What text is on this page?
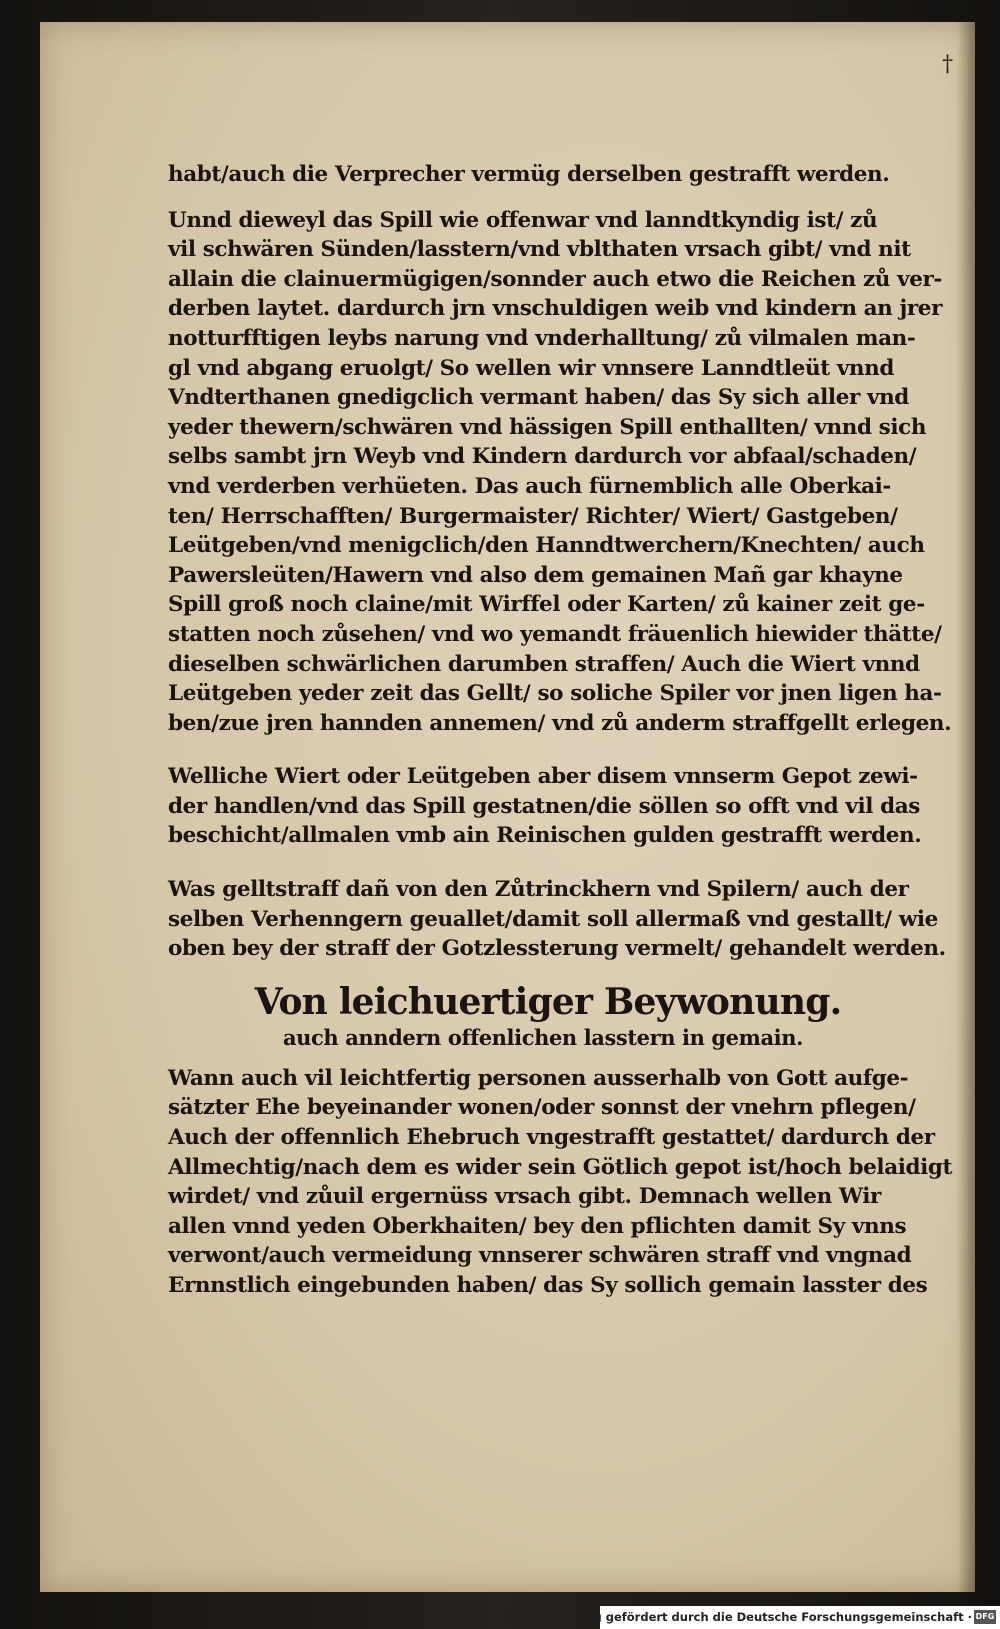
†
habt/auch die Verprecher vermüg derselben gestrafft werden.
Unnd dieweyl das Spill wie offenwar vnd lanndtkyndig ist/ zů
vil schwären Sünden/lasstern/vnd vblthaten vrsach gibt/ vnd nit
allain die clainuermügigen/sonnder auch etwo die Reichen zů ver-
derben laytet. dardurch jrn vnschuldigen weib vnd kindern an jrer
notturfftigen leybs narung vnd vnderhalltung/ zů vilmalen man-
gl vnd abgang eruolgt/ So wellen wir vnnsere Lanndtleüt vnnd
Vndterthanen gnedigclich vermant haben/ das Sy sich aller vnd
yeder thewern/schwären vnd hässigen Spill enthallten/ vnnd sich
selbs sambt jrn Weyb vnd Kindern dardurch vor abfaal/schaden/
vnd verderben verhüeten. Das auch fürnemblich alle Oberkai-
ten/ Herrschafften/ Burgermaister/ Richter/ Wiert/ Gastgeben/
Leütgeben/vnd menigclich/den Hanndtwerchern/Knechten/ auch
Pawersleüten/Hawern vnd also dem gemainen Mañ gar khayne
Spill groß noch claine/mit Wirffel oder Karten/ zů kainer zeit ge-
statten noch zůsehen/ vnd wo yemandt fräuenlich hiewider thätte/
dieselben schwärlichen darumben straffen/ Auch die Wiert vnnd
Leütgeben yeder zeit das Gellt/ so soliche Spiler vor jnen ligen ha-
ben/zue jren hannden annemen/ vnd zů anderm straffgellt erlegen.
Welliche Wiert oder Leütgeben aber disem vnnserm Gepot zewi-
der handlen/vnd das Spill gestatnen/die söllen so offt vnd vil das
beschicht/allmalen vmb ain Reinischen gulden gestrafft werden.
Was gelltstraff dañ von den Zůtrinckhern vnd Spilern/ auch der
selben Verhenngern geuallet/damit soll allermaß vnd gestallt/ wie
oben bey der straff der Gotzlessterung vermelt/ gehandelt werden.
Von leichuertiger Beywonung.
auch anndern offenlichen lasstern in gemain.
Wann auch vil leichtfertig personen ausserhalb von Gott aufge-
sätzter Ehe beyeinander wonen/oder sonnst der vnehrn pflegen/
Auch der offennlich Ehebruch vngestrafft gestattet/ dardurch der
Allmechtig/nach dem es wider sein Götlich gepot ist/hoch belaidigt
wirdet/ vnd zůuil ergernüss vrsach gibt. Demnach wellen Wir
allen vnnd yeden Oberkhaiten/ bey den pflichten damit Sy vnns
verwont/auch vermeidung vnnserer schwären straff vnd vngnad
Ernnstlich eingebunden haben/ das Sy sollich gemain lasster des
Digitalisierung gefördert durch die Deutsche Forschungsgemeinschaft · DFG
